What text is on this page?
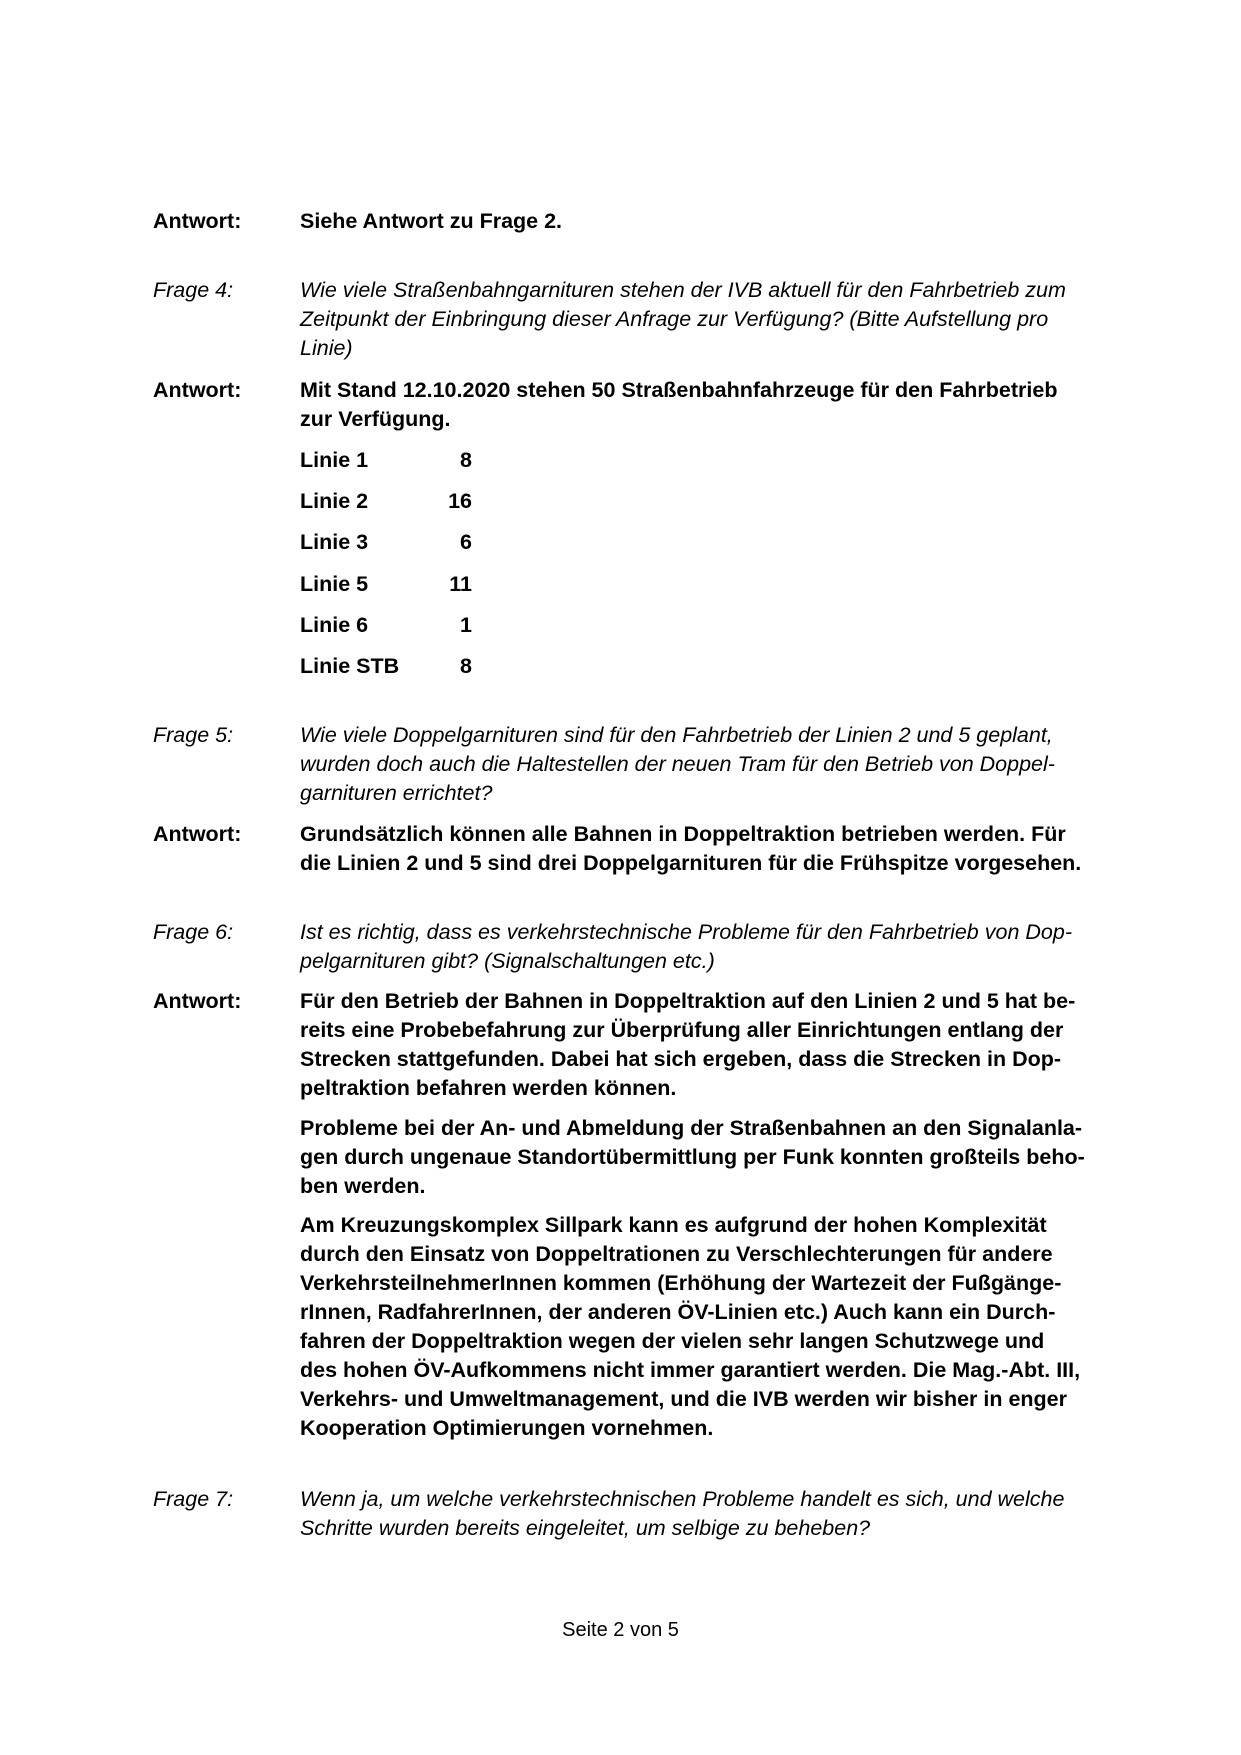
Antwort:	Siehe Antwort zu Frage 2.
Frage 4:	Wie viele Straßenbahngarnituren stehen der IVB aktuell für den Fahrbetrieb zum
Zeitpunkt der Einbringung dieser Anfrage zur Verfügung? (Bitte Aufstellung pro
Linie)
Antwort:	Mit Stand 12.10.2020 stehen 50 Straßenbahnfahrzeuge für den Fahrbetrieb
zur Verfügung.
Linie 1	8
Linie 2	16
Linie 3	6
Linie 5	11
Linie 6	1
Linie STB	8
Frage 5:	Wie viele Doppelgarnituren sind für den Fahrbetrieb der Linien 2 und 5 geplant,
wurden doch auch die Haltestellen der neuen Tram für den Betrieb von Doppel-
garnituren errichtet?
Antwort:	Grundsätzlich können alle Bahnen in Doppeltraktion betrieben werden. Für
die Linien 2 und 5 sind drei Doppelgarnituren für die Frühspitze vorgesehen.
Frage 6:	Ist es richtig, dass es verkehrstechnische Probleme für den Fahrbetrieb von Dop-
pelgarnituren gibt? (Signalschaltungen etc.)
Antwort:	Für den Betrieb der Bahnen in Doppeltraktion auf den Linien 2 und 5 hat be-
reits eine Probebefahrung zur Überprüfung aller Einrichtungen entlang der
Strecken stattgefunden. Dabei hat sich ergeben, dass die Strecken in Dop-
peltraktion befahren werden können.
Probleme bei der An- und Abmeldung der Straßenbahnen an den Signalanla-
gen durch ungenaue Standortübermittlung per Funk konnten großteils beho-
ben werden.
Am Kreuzungskomplex Sillpark kann es aufgrund der hohen Komplexität
durch den Einsatz von Doppeltrationen zu Verschlechterungen für andere
VerkehrsteilnehmerInnen kommen (Erhöhung der Wartezeit der Fußgänge-
rInnen, RadfahrerInnen, der anderen ÖV-Linien etc.) Auch kann ein Durch-
fahren der Doppeltraktion wegen der vielen sehr langen Schutzwege und
des hohen ÖV-Aufkommens nicht immer garantiert werden. Die Mag.-Abt. III,
Verkehrs- und Umweltmanagement, und die IVB werden wir bisher in enger
Kooperation Optimierungen vornehmen.
Frage 7:	Wenn ja, um welche verkehrstechnischen Probleme handelt es sich, und welche
Schritte wurden bereits eingeleitet, um selbige zu beheben?
Seite 2 von 5
